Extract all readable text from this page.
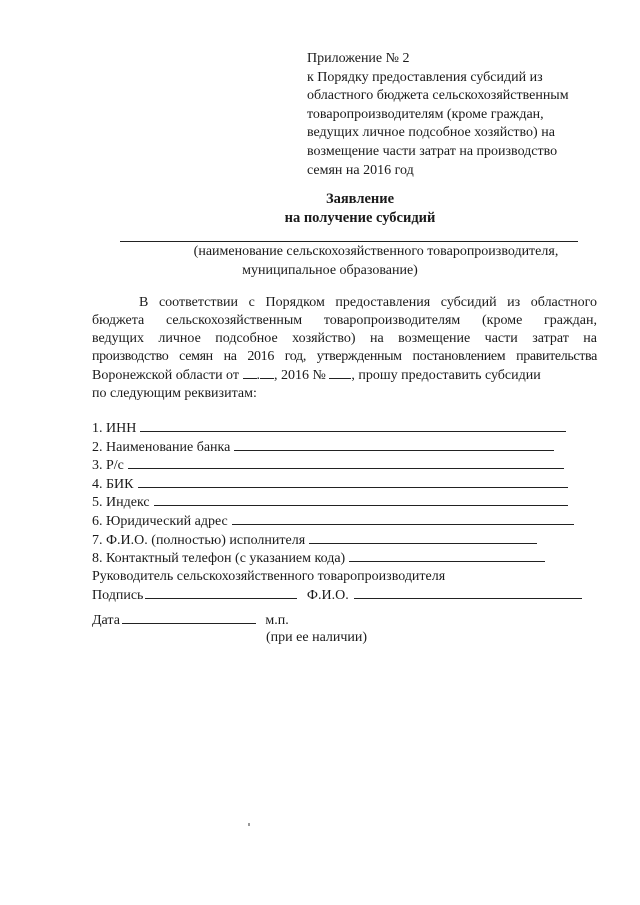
Приложение № 2
к Порядку предоставления субсидий из
областного бюджета сельскохозяйственным
товаропроизводителям (кроме граждан,
ведущих личное подсобное хозяйство) на
возмещение части затрат на производство
семян на 2016 год
Заявление
на получение субсидий
(наименование сельскохозяйственного товаропроизводителя,
муниципальное образование)
В соответствии с Порядком предоставления субсидий из областного
бюджета сельскохозяйственным товаропроизводителям (кроме граждан,
ведущих личное подсобное хозяйство) на возмещение части затрат на
производство семян на 2016 год, утвержденным постановлением правительства
Воронежской области от . , 2016 № , прошу предоставить субсидии
по следующим реквизитам:
1. ИНН
2. Наименование банка
3. Р/с
4. БИК
5. Индекс
6. Юридический адрес
7. Ф.И.О. (полностью) исполнителя
8. Контактный телефон (с указанием кода)
Руководитель сельскохозяйственного товаропроизводителя
Подпись	Ф.И.О.
Дата	м.п.
(при ее наличии)
